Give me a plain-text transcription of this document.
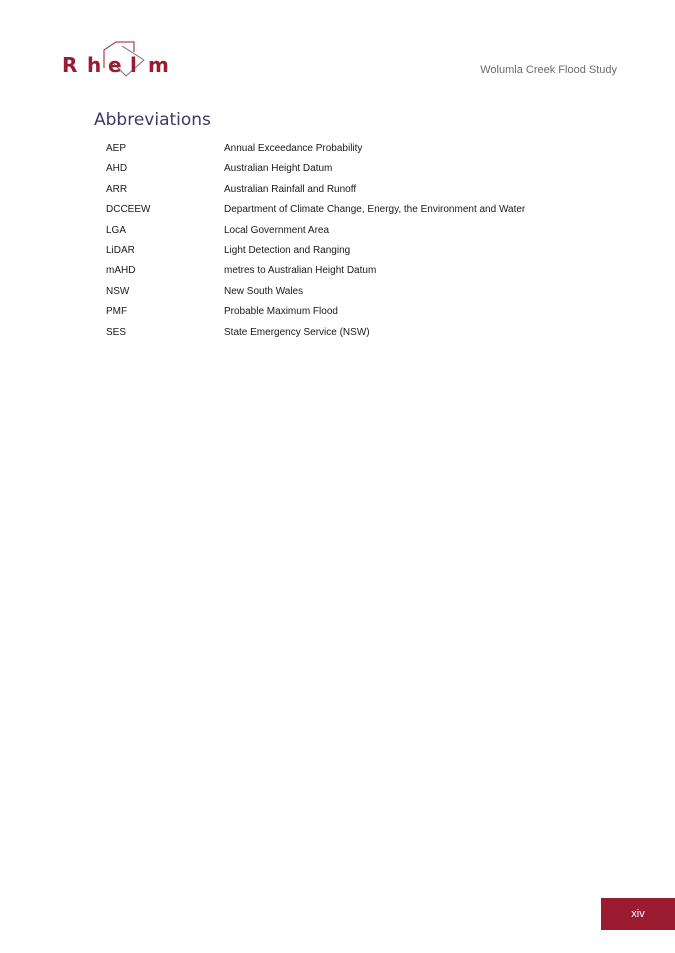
R h e l m	Wolumla Creek Flood Study
Abbreviations
AEP	Annual Exceedance Probability
AHD	Australian Height Datum
ARR	Australian Rainfall and Runoff
DCCEEW	Department of Climate Change, Energy, the Environment and Water
LGA	Local Government Area
LiDAR	Light Detection and Ranging
mAHD	metres to Australian Height Datum
NSW	New South Wales
PMF	Probable Maximum Flood
SES	State Emergency Service (NSW)
xiv
